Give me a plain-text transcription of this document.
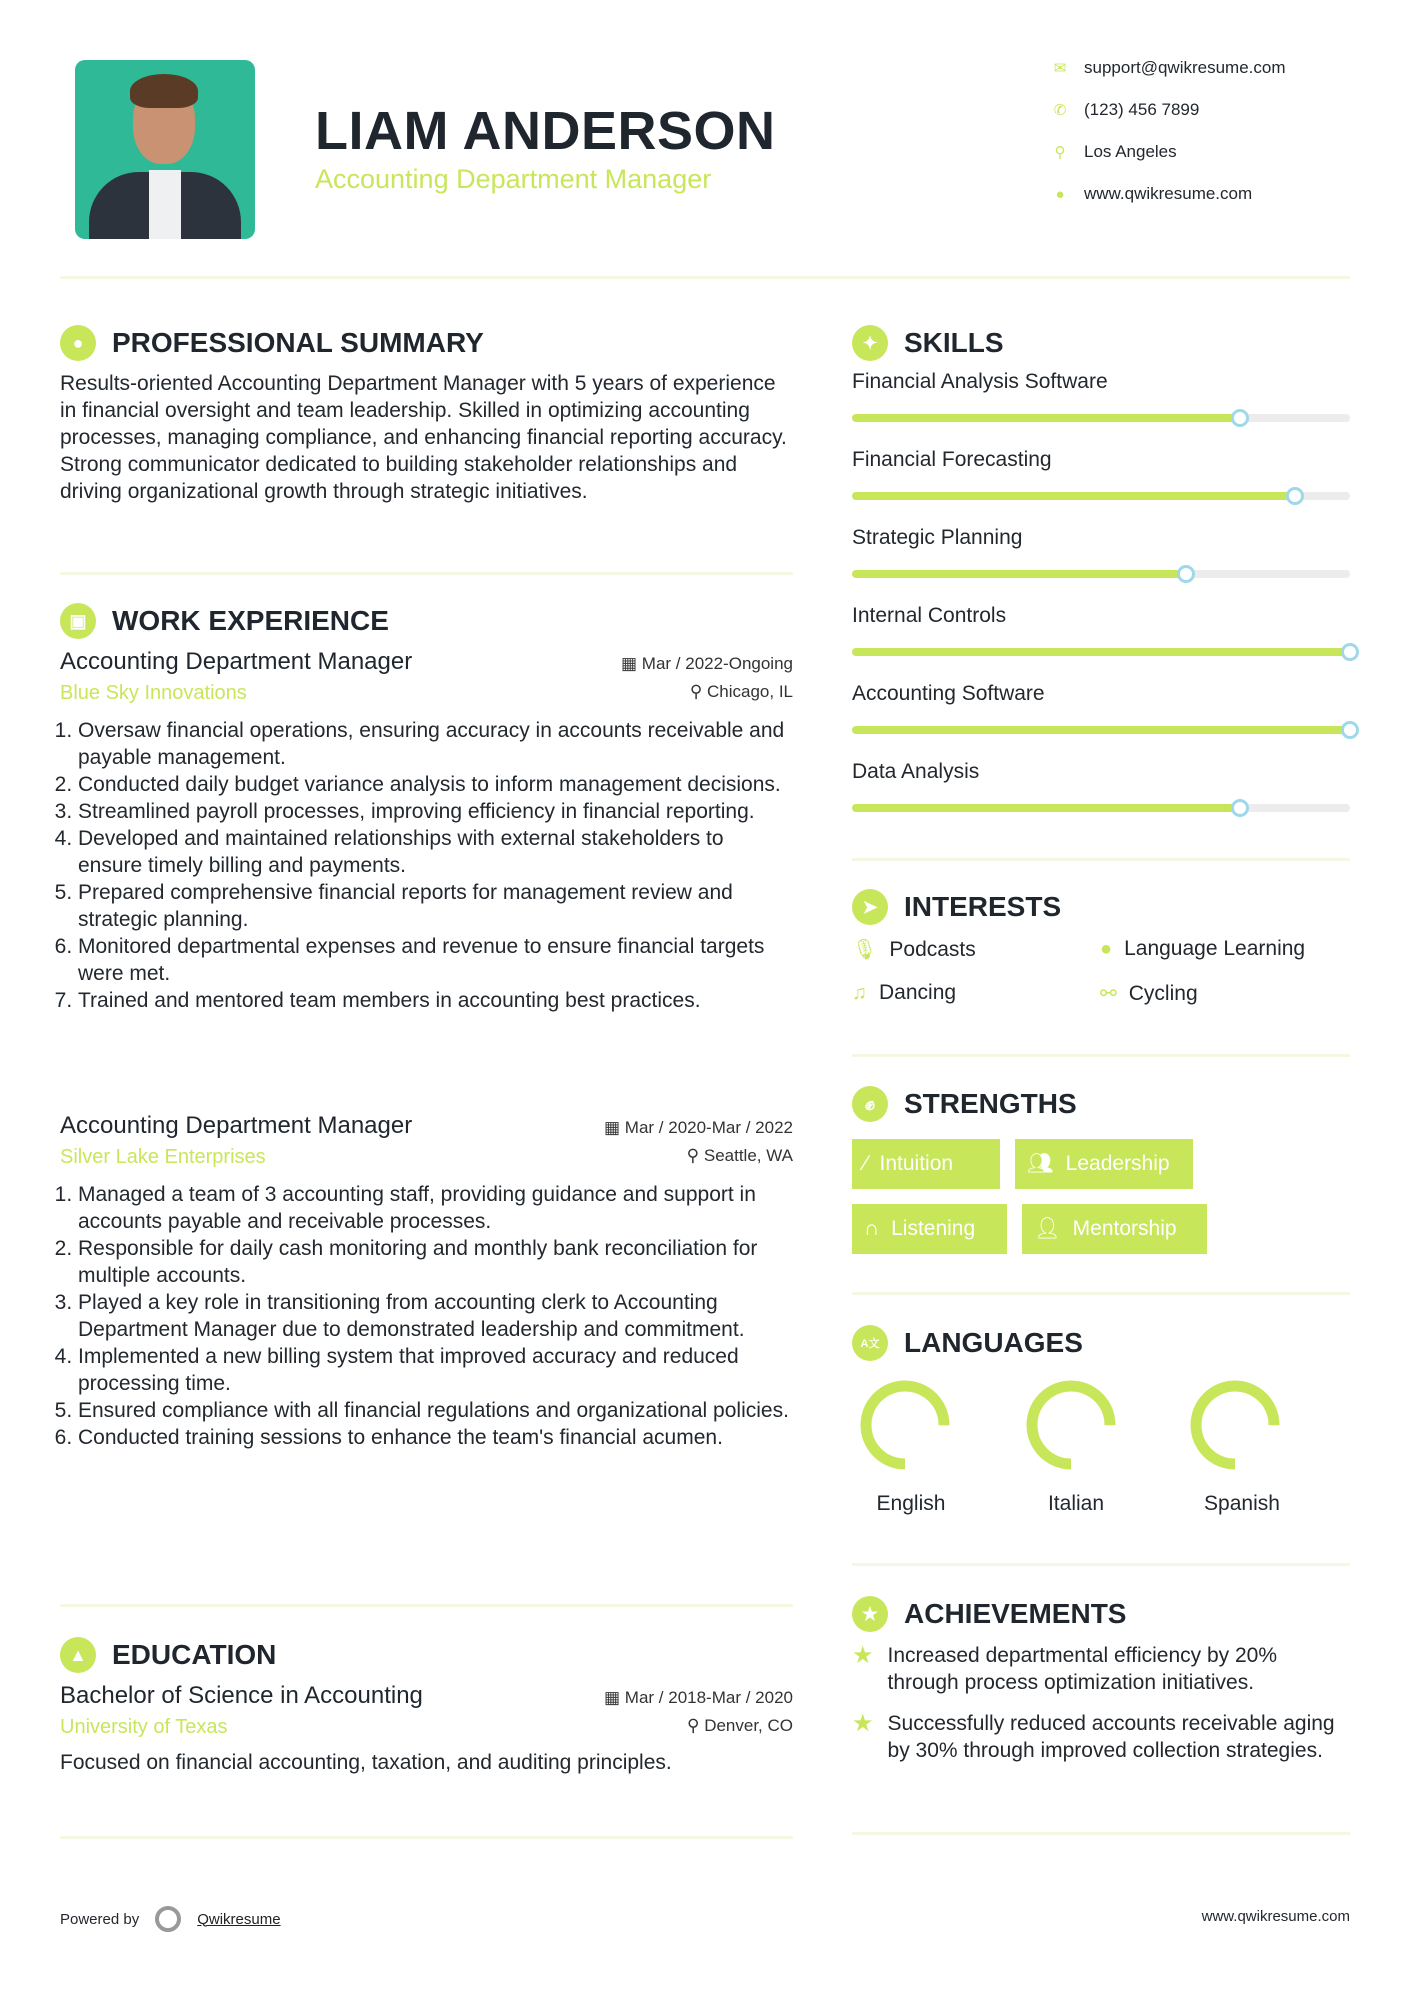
LIAM ANDERSON
Accounting Department Manager
✉ support@qwikresume.com
✆ (123) 456 7899
⚲ Los Angeles
● www.qwikresume.com
●	PROFESSIONAL SUMMARY
Results-oriented Accounting Department Manager with 5 years of experience in financial oversight and team leadership. Skilled in optimizing accounting processes, managing compliance, and enhancing financial reporting accuracy. Strong communicator dedicated to building stakeholder relationships and driving organizational growth through strategic initiatives.
▣ WORK EXPERIENCE
Accounting Department Manager	▦ Mar / 2022-Ongoing
Blue Sky Innovations	⚲ Chicago, IL
1. Oversaw financial operations, ensuring accuracy in accounts receivable and payable management.
2. Conducted daily budget variance analysis to inform management decisions.
3. Streamlined payroll processes, improving efficiency in financial reporting.
4. Developed and maintained relationships with external stakeholders to ensure timely billing and payments.
5. Prepared comprehensive financial reports for management review and strategic planning.
6. Monitored departmental expenses and revenue to ensure financial targets were met.
7. Trained and mentored team members in accounting best practices.
Accounting Department Manager	▦ Mar / 2020-Mar / 2022
Silver Lake Enterprises	⚲ Seattle, WA
1. Managed a team of 3 accounting staff, providing guidance and support in accounts payable and receivable processes.
2. Responsible for daily cash monitoring and monthly bank reconciliation for multiple accounts.
3. Played a key role in transitioning from accounting clerk to Accounting Department Manager due to demonstrated leadership and commitment.
4. Implemented a new billing system that improved accuracy and reduced processing time.
5. Ensured compliance with all financial regulations and organizational policies.
6. Conducted training sessions to enhance the team's financial acumen.
▲ EDUCATION
Bachelor of Science in Accounting	▦ Mar / 2018-Mar / 2020
University of Texas	⚲ Denver, CO
Focused on financial accounting, taxation, and auditing principles.
✦ SKILLS
Financial Analysis Software
Financial Forecasting
Strategic Planning
Internal Controls
Accounting Software
Data Analysis
➤ INTERESTS
🎙︎ Podcasts	● Language Learning
♫ Dancing	⚯ Cycling
✊︎	STRENGTHS
⁄ Intuition	👥︎ Leadership
∩ Listening	👤︎ Mentorship
A文 LANGUAGES
English	Italian	Spanish
★ ACHIEVEMENTS
★ Increased departmental efficiency by 20% through process optimization initiatives.
★ Successfully reduced accounts receivable aging by 30% through improved collection strategies.
Powered by	Qwikresume	www.qwikresume.com
